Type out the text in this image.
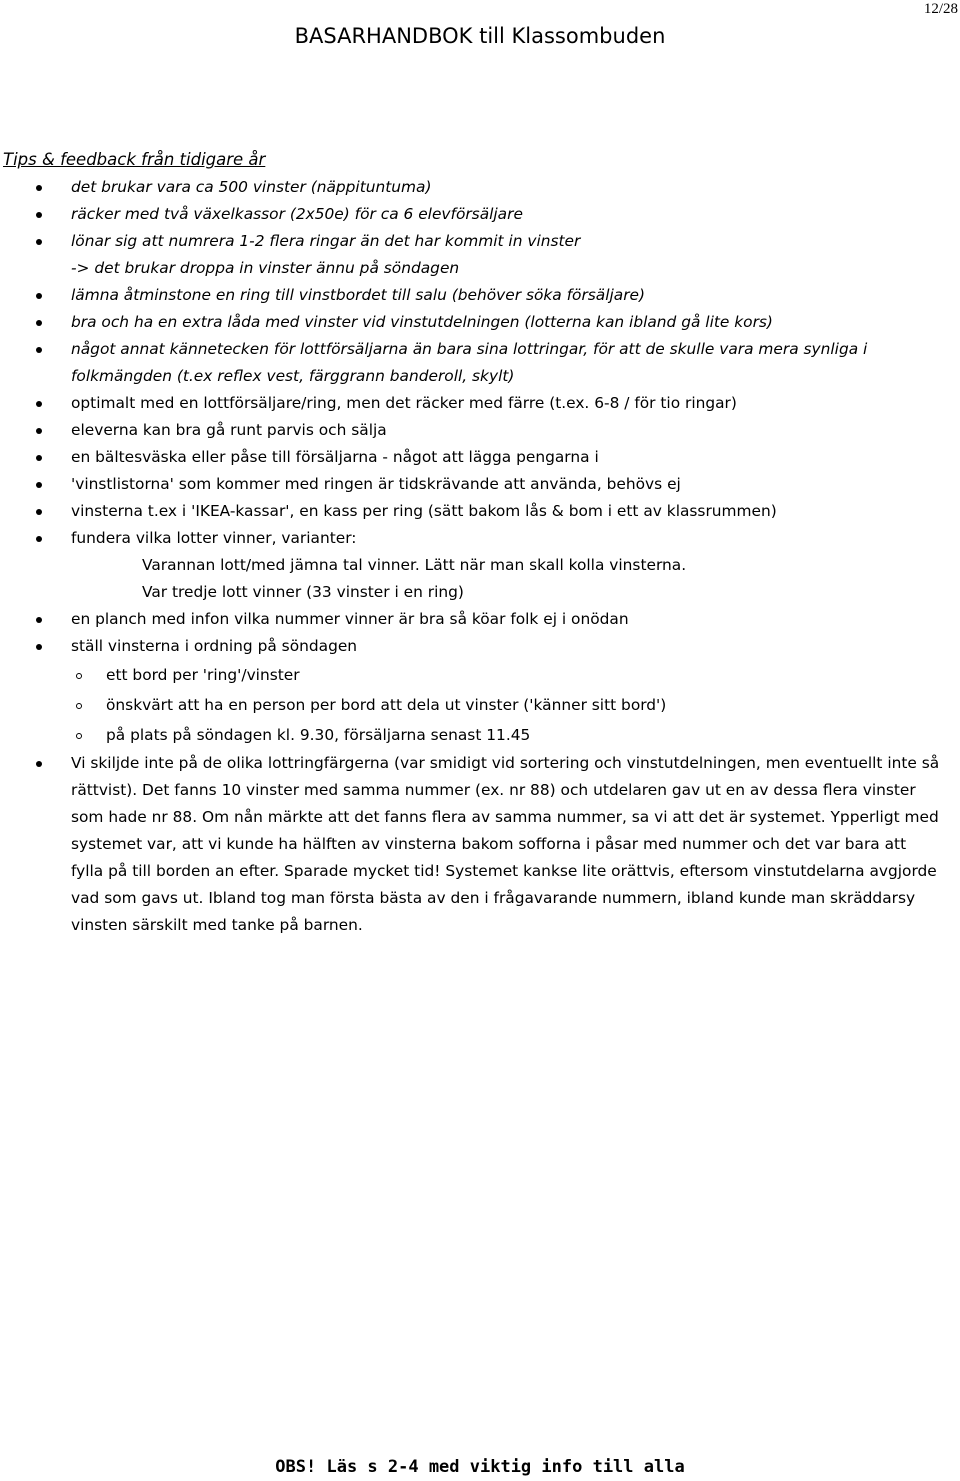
12/28
BASARHANDBOK till Klassombuden
Tips & feedback från tidigare år
det brukar vara ca 500 vinster (näppituntuma)
räcker med två växelkassor (2x50e) för ca 6 elevförsäljare
lönar sig att numrera 1-2 flera ringar än det har kommit in vinster
-> det brukar droppa in vinster ännu på söndagen
lämna åtminstone en ring till vinstbordet till salu (behöver söka försäljare)
bra och ha en extra låda med vinster vid vinstutdelningen (lotterna kan ibland gå lite kors)
något annat kännetecken för lottförsäljarna än bara sina lottringar, för att de skulle vara mera synliga i folkmängden (t.ex reflex vest, färggrann banderoll, skylt)
optimalt med en lottförsäljare/ring, men det räcker med färre (t.ex. 6-8 / för tio ringar)
eleverna kan bra gå runt parvis och sälja
en bältesväska eller påse till försäljarna - något att lägga pengarna i
'vinstlistorna' som kommer med ringen är tidskrävande att använda, behövs ej
vinsterna t.ex i 'IKEA-kassar', en kass per ring (sätt bakom lås & bom i ett av klassrummen)
fundera vilka lotter vinner, varianter:
Varannan lott/med jämna tal vinner. Lätt när man skall kolla vinsterna.
Var tredje lott vinner (33 vinster i en ring)
en planch med infon vilka nummer vinner är bra så köar folk ej i onödan
ställ vinsterna i ordning på söndagen
ett bord per 'ring'/vinster
önskvärt att ha en person per bord att dela ut vinster ('känner sitt bord')
på plats på söndagen kl. 9.30, försäljarna senast 11.45
Vi skiljde inte på de olika lottringfärgerna (var smidigt vid sortering och vinstutdelningen, men eventuellt inte så rättvist). Det fanns 10 vinster med samma nummer (ex. nr 88) och utdelaren gav ut en av dessa flera vinster som hade nr 88. Om nån märkte att det fanns flera av samma nummer, sa vi att det är systemet. Ypperligt med systemet var, att vi kunde ha hälften av vinsterna bakom sofforna i påsar med nummer och det var bara att fylla på till borden an efter. Sparade mycket tid! Systemet kankse lite orättvis, eftersom vinstutdelarna avgjorde vad som gavs ut. Ibland tog man första bästa av den i frågavarande nummern, ibland kunde man skräddarsy vinsten särskilt med tanke på barnen.
OBS! Läs s 2-4 med viktig info till alla
